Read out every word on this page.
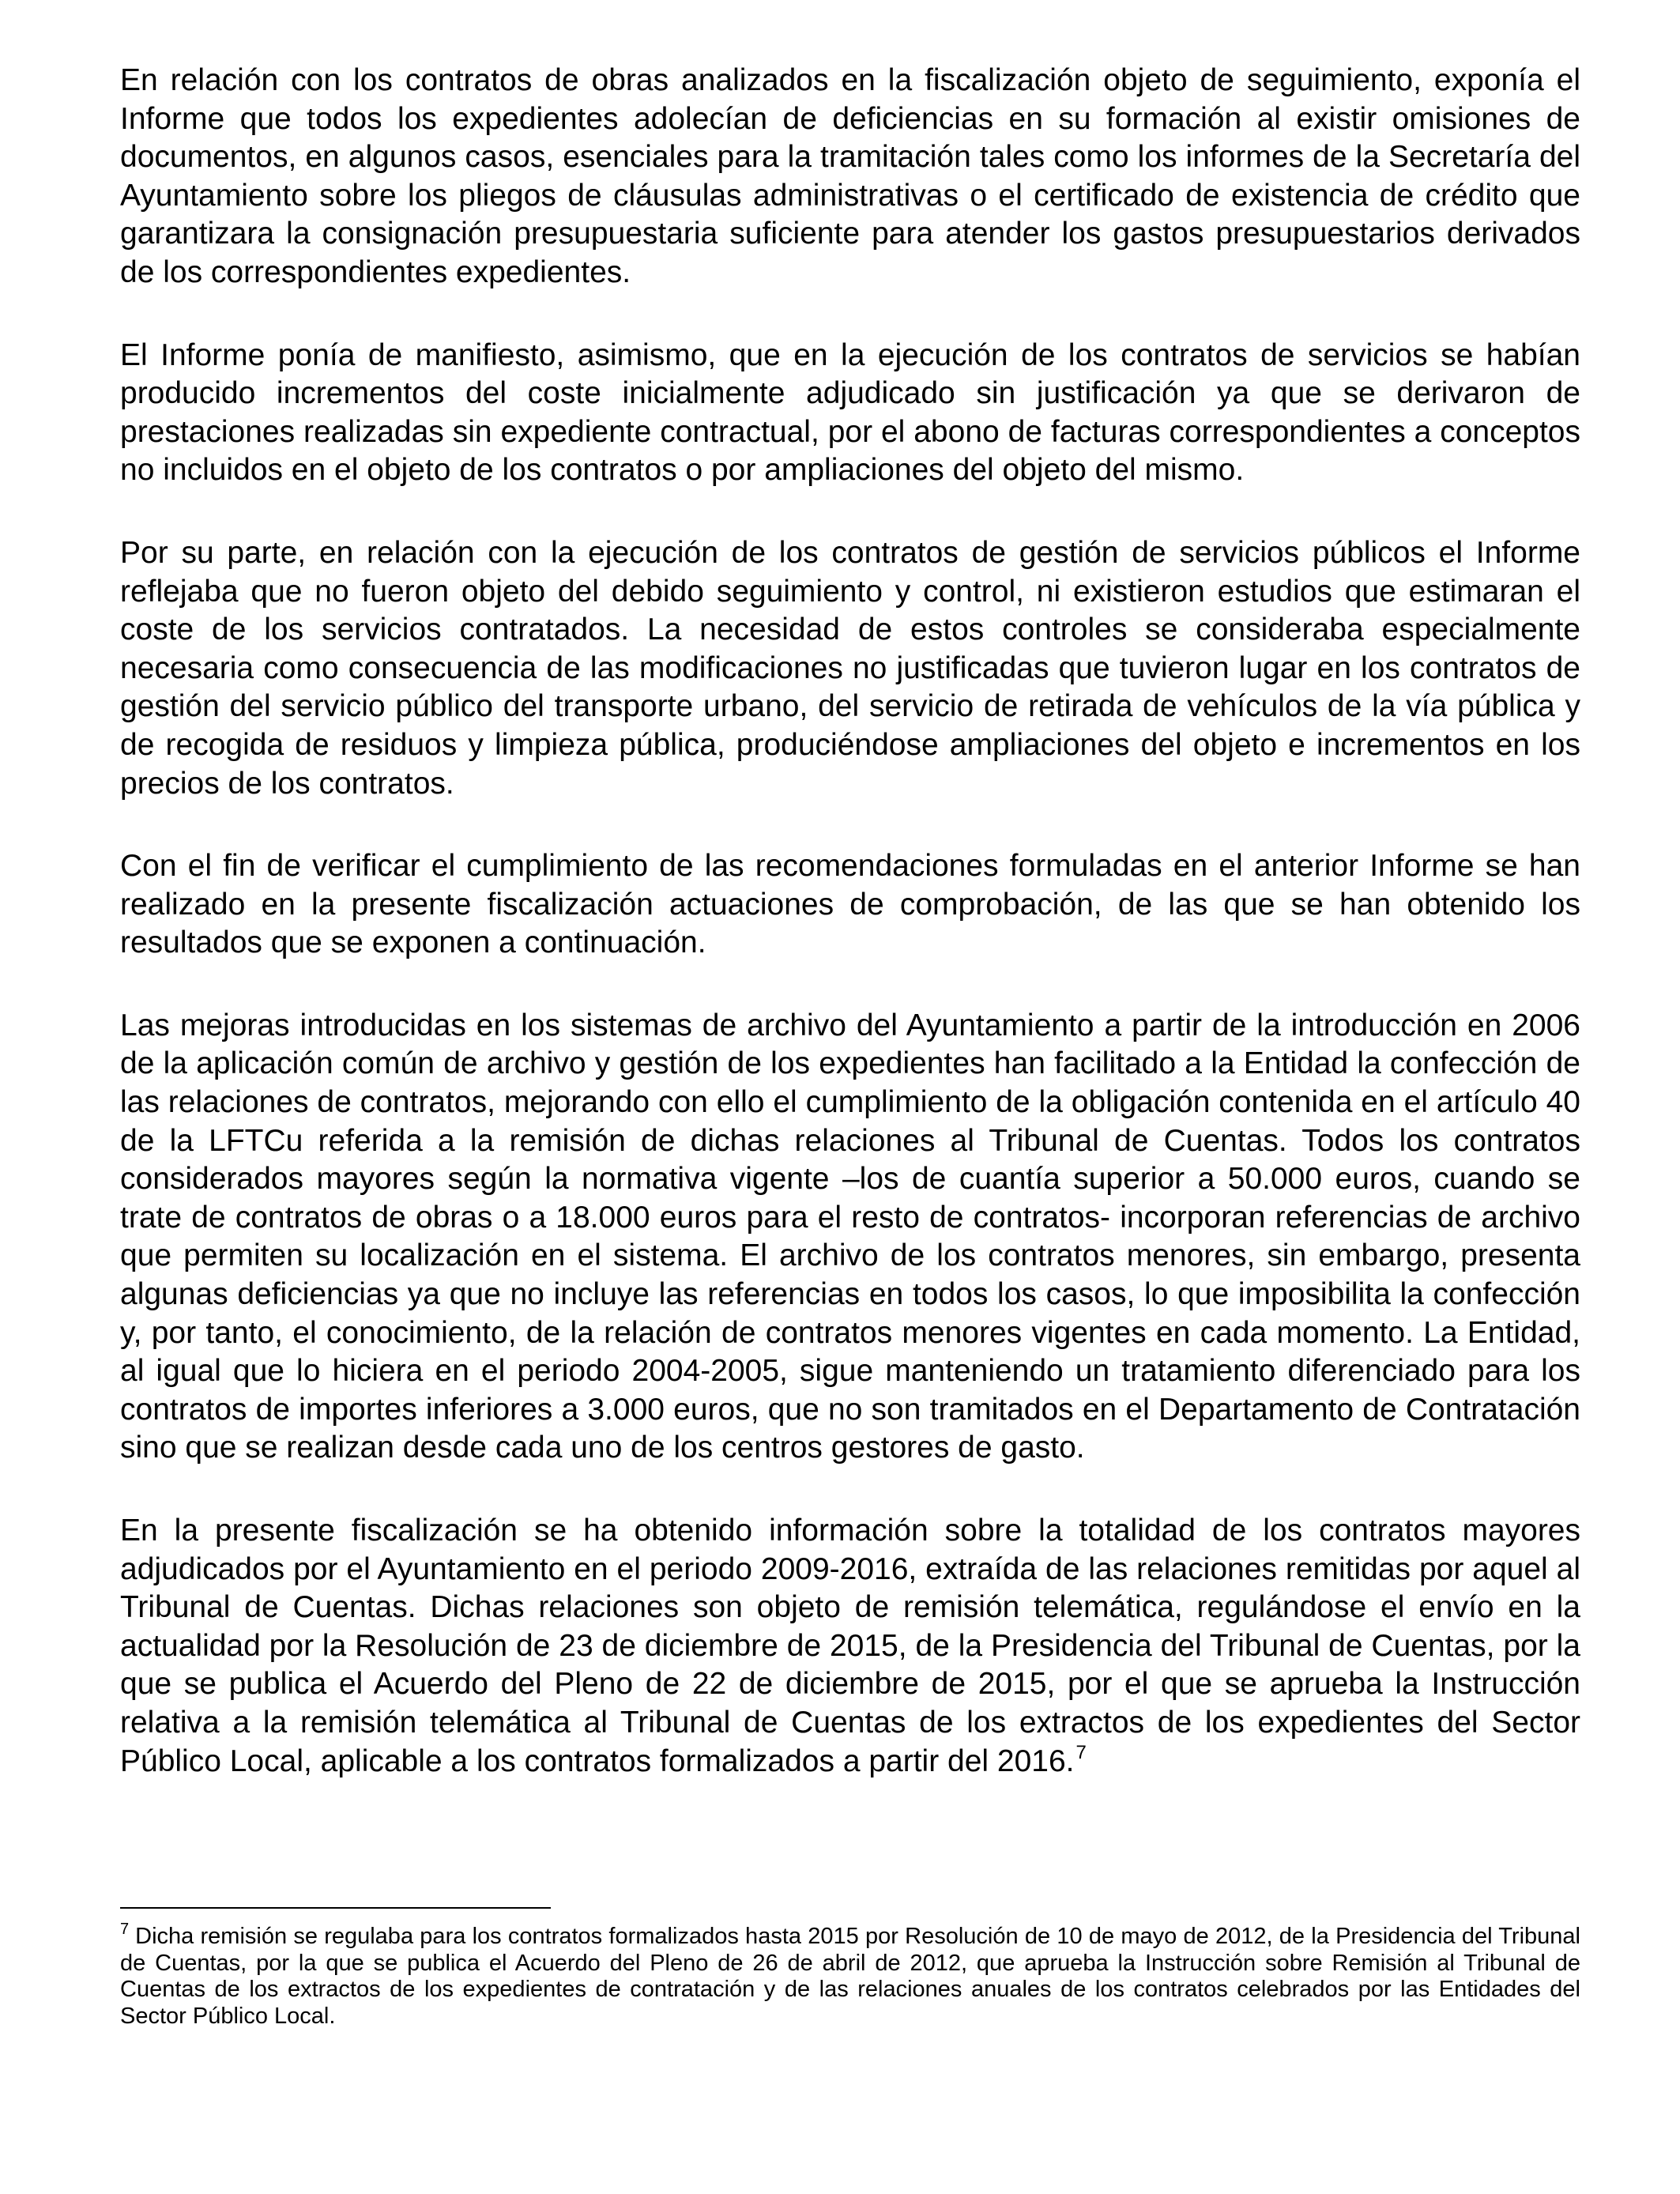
En relación con los contratos de obras analizados en la fiscalización objeto de seguimiento, exponía el Informe que todos los expedientes adolecían de deficiencias en su formación al existir omisiones de documentos, en algunos casos, esenciales para la tramitación tales como los informes de la Secretaría del Ayuntamiento sobre los pliegos de cláusulas administrativas o el certificado de existencia de crédito que garantizara la consignación presupuestaria suficiente para atender los gastos presupuestarios derivados de los correspondientes expedientes.

El Informe ponía de manifiesto, asimismo, que en la ejecución de los contratos de servicios se habían producido incrementos del coste inicialmente adjudicado sin justificación ya que se derivaron de prestaciones realizadas sin expediente contractual, por el abono de facturas correspondientes a conceptos no incluidos en el objeto de los contratos o por ampliaciones del objeto del mismo.

Por su parte, en relación con la ejecución de los contratos de gestión de servicios públicos el Informe reflejaba que no fueron objeto del debido seguimiento y control, ni existieron estudios que estimaran el coste de los servicios contratados. La necesidad de estos controles se consideraba especialmente necesaria como consecuencia de las modificaciones no justificadas que tuvieron lugar en los contratos de gestión del servicio público del transporte urbano, del servicio de retirada de vehículos de la vía pública y de recogida de residuos y limpieza pública, produciéndose ampliaciones del objeto e incrementos en los precios de los contratos.

Con el fin de verificar el cumplimiento de las recomendaciones formuladas en el anterior Informe se han realizado en la presente fiscalización actuaciones de comprobación, de las que se han obtenido los resultados que se exponen a continuación.

Las mejoras introducidas en los sistemas de archivo del Ayuntamiento a partir de la introducción en 2006 de la aplicación común de archivo y gestión de los expedientes han facilitado a la Entidad la confección de las relaciones de contratos, mejorando con ello el cumplimiento de la obligación contenida en el artículo 40 de la LFTCu referida a la remisión de dichas relaciones al Tribunal de Cuentas. Todos los contratos considerados mayores según la normativa vigente –los de cuantía superior a 50.000 euros, cuando se trate de contratos de obras o a 18.000 euros para el resto de contratos- incorporan referencias de archivo que permiten su localización en el sistema. El archivo de los contratos menores, sin embargo, presenta algunas deficiencias ya que no incluye las referencias en todos los casos, lo que imposibilita la confección y, por tanto, el conocimiento, de la relación de contratos menores vigentes en cada momento. La Entidad, al igual que lo hiciera en el periodo 2004-2005, sigue manteniendo un tratamiento diferenciado para los contratos de importes inferiores a 3.000 euros, que no son tramitados en el Departamento de Contratación sino que se realizan desde cada uno de los centros gestores de gasto.

En la presente fiscalización se ha obtenido información sobre la totalidad de los contratos mayores adjudicados por el Ayuntamiento en el periodo 2009-2016, extraída de las relaciones remitidas por aquel al Tribunal de Cuentas. Dichas relaciones son objeto de remisión telemática, regulándose el envío en la actualidad por la Resolución de 23 de diciembre de 2015, de la Presidencia del Tribunal de Cuentas, por la que se publica el Acuerdo del Pleno de 22 de diciembre de 2015, por el que se aprueba la Instrucción relativa a la remisión telemática al Tribunal de Cuentas de los extractos de los expedientes del Sector Público Local, aplicable a los contratos formalizados a partir del 2016.$^7$

$^7$ Dicha remisión se regulaba para los contratos formalizados hasta 2015 por Resolución de 10 de mayo de 2012, de la Presidencia del Tribunal de Cuentas, por la que se publica el Acuerdo del Pleno de 26 de abril de 2012, que aprueba la Instrucción sobre Remisión al Tribunal de Cuentas de los extractos de los expedientes de contratación y de las relaciones anuales de los contratos celebrados por las Entidades del Sector Público Local.
